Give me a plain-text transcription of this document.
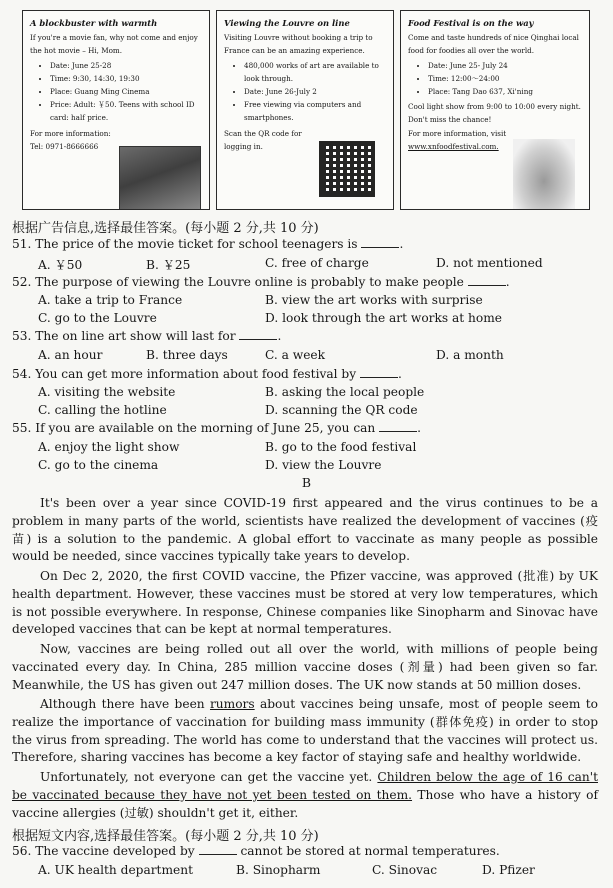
A blockbuster with warmth

If you're a movie fan, why not come and enjoy the hot movie – Hi, Mom.

• Date: June 25-28
• Time: 9:30, 14:30, 19:30
• Place: Guang Ming Cinema
• Price: Adult: ￥50. Teens with school ID card: half price.

For more information:

Tel: 0971-8666666

Viewing the Louvre on line

Visiting Louvre without booking a trip to France can be an amazing experience.

• 480,000 works of art are available to look through.
• Date: June 26-July 2
• Free viewing via computers and smartphones.

Scan the QR code for logging in.

Food Festival is on the way

Come and taste hundreds of nice Qinghai local food for foodies all over the world.

• Date: June 25- July 24
• Time: 12:00～24:00
• Place: Tang Dao 637, Xi'ning

Cool light show from 9:00 to 10:00 every night.

Don't miss the chance!

For more information, visit

www.xnfoodfestival.com.

根据广告信息,选择最佳答案。(每小题 2 分,共 10 分)
51. The price of the movie ticket for school teenagers is	.
A. ￥50	B. ￥25	C. free of charge	D. not mentioned
52. The purpose of viewing the Louvre online is probably to make people	.
A. take a trip to France	B. view the art works with surprise
C. go to the Louvre	D. look through the art works at home
53. The on line art show will last for	.
A. an hour	B. three days	C. a week	D. a month
54. You can get more information about food festival by	.
A. visiting the website	B. asking the local people
C. calling the hotline	D. scanning the QR code
55. If you are available on the morning of June 25, you can	.
A. enjoy the light show	B. go to the food festival
C. go to the cinema	D. view the Louvre
B

It's been over a year since COVID-19 first appeared and the virus continues to be a problem in many parts of the world, scientists have realized the development of vaccines (疫苗) is a solution to the pandemic. A global effort to vaccinate as many people as possible would be needed, since vaccines typically take years to develop.

On Dec 2, 2020, the first COVID vaccine, the Pfizer vaccine, was approved (批准) by UK health department. However, these vaccines must be stored at very low temperatures, which is not possible everywhere. In response, Chinese companies like Sinopharm and Sinovac have developed vaccines that can be kept at normal temperatures.

Now, vaccines are being rolled out all over the world, with millions of people being vaccinated every day. In China, 285 million vaccine doses (剂量) had been given so far. Meanwhile, the US has given out 247 million doses. The UK now stands at 50 million doses.

Although there have been rumors about vaccines being unsafe, most of people seem to realize the importance of vaccination for building mass immunity (群体免疫) in order to stop the virus from spreading. The world has come to understand that the vaccines will protect us. Therefore, sharing vaccines has become a key factor of staying safe and healthy worldwide.

Unfortunately, not everyone can get the vaccine yet. Children below the age of 16 can't be vaccinated because they have not yet been tested on them. Those who have a history of vaccine allergies (过敏) shouldn't get it, either.

根据短文内容,选择最佳答案。(每小题 2 分,共 10 分)
56. The vaccine developed by	cannot be stored at normal temperatures.
A. UK health department	B. Sinopharm	C. Sinovac	D. Pfizer
